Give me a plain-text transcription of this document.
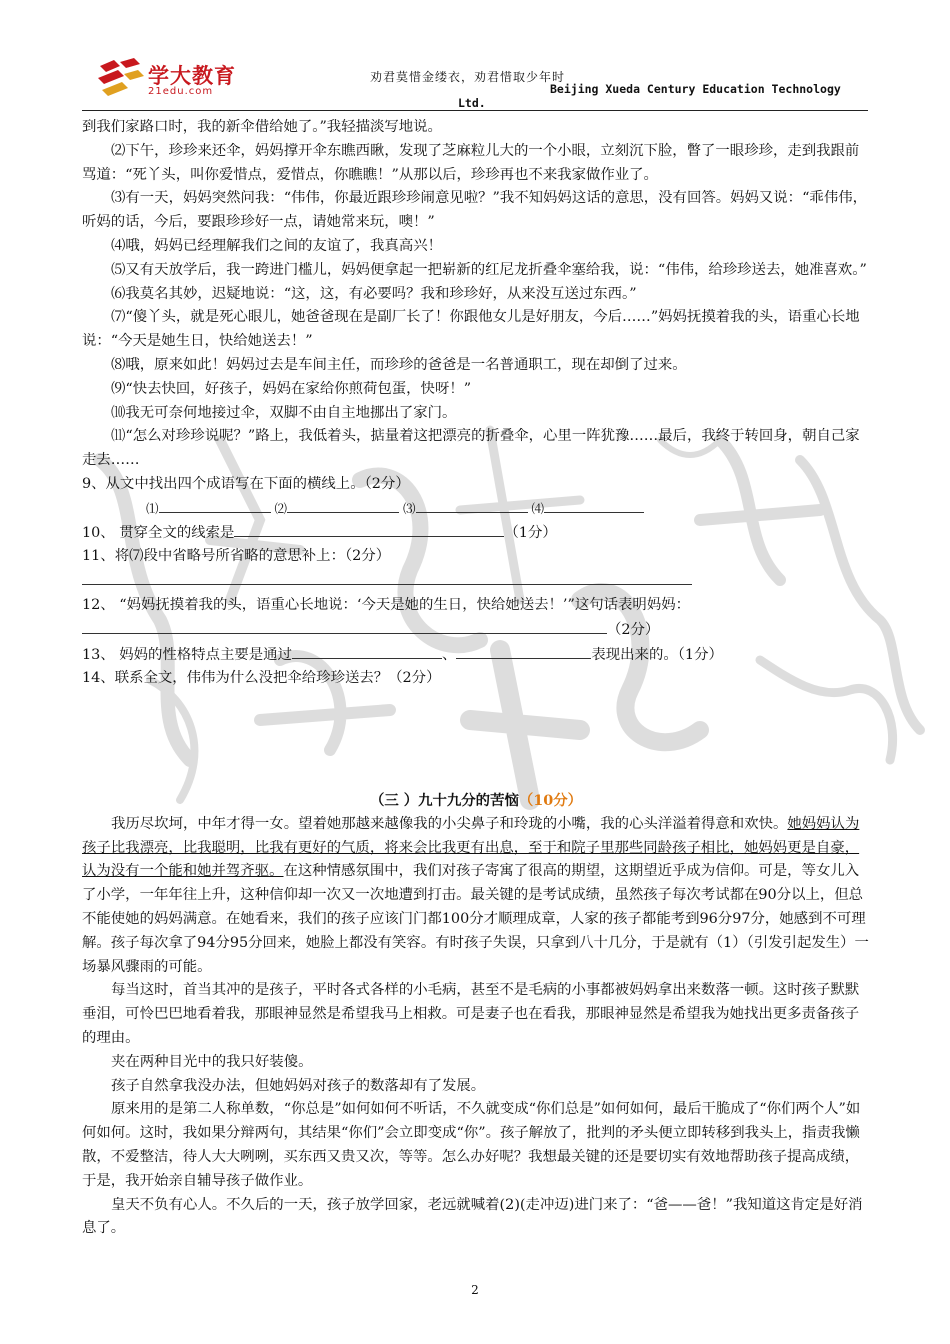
学大教育
21edu.com
劝君莫惜金缕衣，劝君惜取少年时
Beijing Xueda Century Education Technology
Ltd.

到我们家路口时，我的新伞借给她了。”我轻描淡写地说。

⑵下午，珍珍来还伞，妈妈撑开伞东瞧西瞅，发现了芝麻粒儿大的一个小眼，立刻沉下脸，瞥了一眼珍珍，走到我跟前骂道：“死丫头，叫你爱惜点，爱惜点，你瞧瞧！”从那以后，珍珍再也不来我家做作业了。

⑶有一天，妈妈突然问我：“伟伟，你最近跟珍珍闹意见啦？”我不知妈妈这话的意思，没有回答。妈妈又说：“乖伟伟，听妈的话，今后，要跟珍珍好一点，请她常来玩，噢！”

⑷哦，妈妈已经理解我们之间的友谊了，我真高兴！

⑸又有天放学后，我一跨进门槛儿，妈妈便拿起一把崭新的红尼龙折叠伞塞给我，说：“伟伟，给珍珍送去，她准喜欢。”

⑹我莫名其妙，迟疑地说：“这，这，有必要吗？我和珍珍好，从来没互送过东西。”

⑺“傻丫头，就是死心眼儿，她爸爸现在是副厂长了！你跟他女儿是好朋友，今后……”妈妈抚摸着我的头，语重心长地说：“今天是她生日，快给她送去！”

⑻哦，原来如此！妈妈过去是车间主任，而珍珍的爸爸是一名普通职工，现在却倒了过来。

⑼“快去快回，好孩子，妈妈在家给你煎荷包蛋，快呀！”

⑽我无可奈何地接过伞，双脚不由自主地挪出了家门。

⑾“怎么对珍珍说呢？”路上，我低着头，掂量着这把漂亮的折叠伞，心里一阵犹豫……最后，我终于转回身，朝自己家走去……

9、从文中找出四个成语写在下面的横线上。（2分）

⑴	⑵	⑶	⑷

10、 贯穿全文的线索是	（1分）

11、将⑺段中省略号所省略的意思补上：（2分）

12、 “妈妈抚摸着我的头，语重心长地说：‘今天是她的生日，快给她送去！’”这句话表明妈妈：

（2分）

13、 妈妈的性格特点主要是通过	、	表现出来的。（1分）

14、联系全文，伟伟为什么没把伞给珍珍送去？（2分）

（三 ）九十九分的苦恼（10分）

我历尽坎坷，中年才得一女。望着她那越来越像我的小尖鼻子和玲珑的小嘴，我的心头洋溢着得意和欢快。她妈妈认为孩子比我漂亮，比我聪明，比我有更好的气质，将来会比我更有出息，至于和院子里那些同龄孩子相比，她妈妈更是自豪，认为没有一个能和她并驾齐驱。在这种情感氛围中，我们对孩子寄寓了很高的期望，这期望近乎成为信仰。可是，等女儿入了小学，一年年往上升，这种信仰却一次又一次地遭到打击。最关键的是考试成绩，虽然孩子每次考试都在90分以上，但总不能使她的妈妈满意。在她看来，我们的孩子应该门门都100分才顺理成章，人家的孩子都能考到96分97分，她感到不可理解。孩子每次拿了94分95分回来，她脸上都没有笑容。有时孩子失误，只拿到八十几分，于是就有（1）（引发引起发生）一场暴风骤雨的可能。

每当这时，首当其冲的是孩子，平时各式各样的小毛病，甚至不是毛病的小事都被妈妈拿出来数落一顿。这时孩子默默垂泪，可怜巴巴地看着我，那眼神显然是希望我马上相救。可是妻子也在看我，那眼神显然是希望我为她找出更多责备孩子的理由。

夹在两种目光中的我只好装傻。

孩子自然拿我没办法，但她妈妈对孩子的数落却有了发展。

原来用的是第二人称单数，“你总是”如何如何不听话，不久就变成“你们总是”如何如何，最后干脆成了“你们两个人”如何如何。这时，我如果分辩两句，其结果“你们”会立即变成“你”。孩子解放了，批判的矛头便立即转移到我头上，指责我懒散，不爱整洁，待人大大咧咧，买东西又贵又次，等等。怎么办好呢？我想最关键的还是要切实有效地帮助孩子提高成绩，于是，我开始亲自辅导孩子做作业。

皇天不负有心人。不久后的一天，孩子放学回家，老远就喊着(2)(走冲迈)进门来了：“爸——爸！”我知道这肯定是好消息了。

2
